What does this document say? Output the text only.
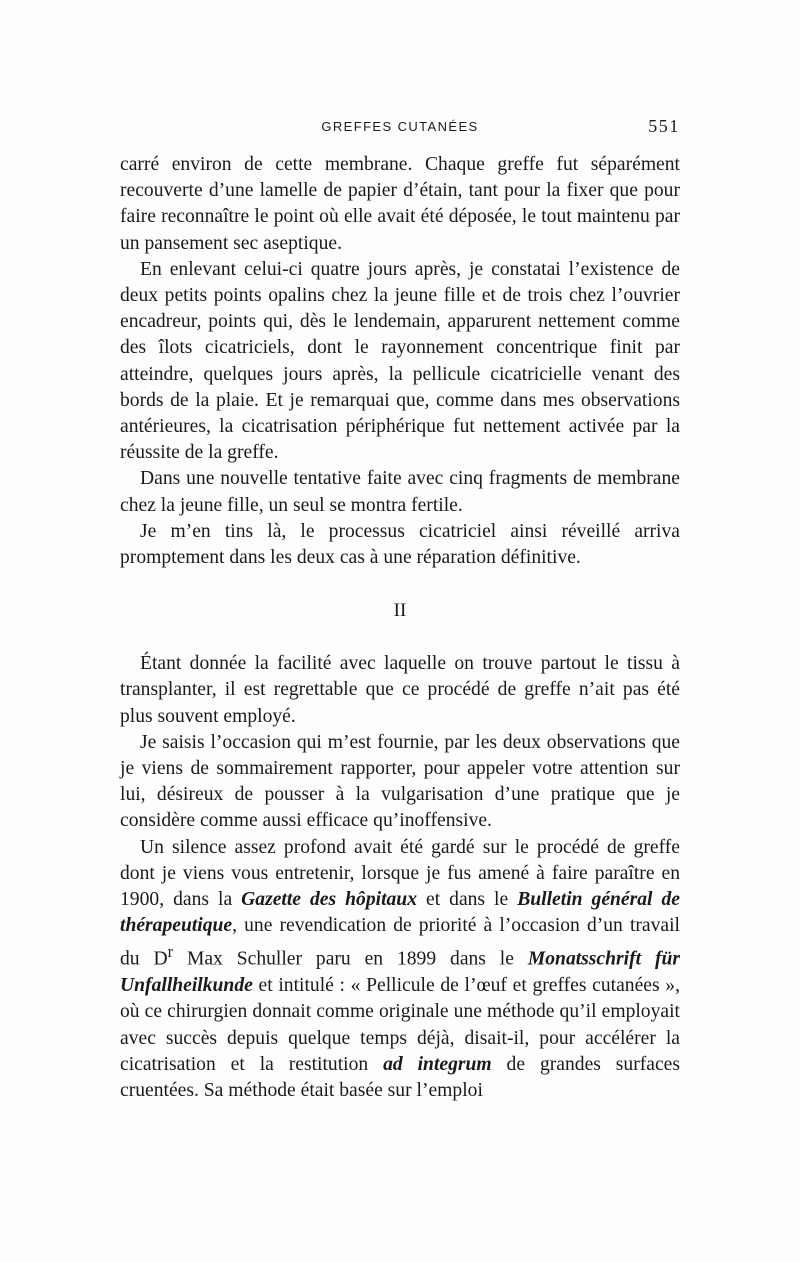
GREFFES CUTANÉES	551

carré environ de cette membrane. Chaque greffe fut séparément recouverte d’une lamelle de papier d’étain, tant pour la fixer que pour faire reconnaître le point où elle avait été déposée, le tout maintenu par un pansement sec aseptique.

En enlevant celui-ci quatre jours après, je constatai l’existence de deux petits points opalins chez la jeune fille et de trois chez l’ouvrier encadreur, points qui, dès le lendemain, apparurent nettement comme des îlots cicatriciels, dont le rayonnement concentrique finit par atteindre, quelques jours après, la pellicule cicatricielle venant des bords de la plaie. Et je remarquai que, comme dans mes observations antérieures, la cicatrisation périphérique fut nettement activée par la réussite de la greffe.

Dans une nouvelle tentative faite avec cinq fragments de membrane chez la jeune fille, un seul se montra fertile.

Je m’en tins là, le processus cicatriciel ainsi réveillé arriva promptement dans les deux cas à une réparation définitive.

II

Étant donnée la facilité avec laquelle on trouve partout le tissu à transplanter, il est regrettable que ce procédé de greffe n’ait pas été plus souvent employé.

Je saisis l’occasion qui m’est fournie, par les deux observations que je viens de sommairement rapporter, pour appeler votre attention sur lui, désireux de pousser à la vulgarisation d’une pratique que je considère comme aussi efficace qu’inoffensive.

Un silence assez profond avait été gardé sur le procédé de greffe dont je viens vous entretenir, lorsque je fus amené à faire paraître en 1900, dans la Gazette des hôpitaux et dans le Bulletin général de thérapeutique, une revendication de priorité à l’occasion d’un travail du $D^r$ Max Schuller paru en 1899 dans le Monatsschrift für Unfallheilkunde et intitulé : « Pellicule de l’œuf et greffes cutanées », où ce chirurgien donnait comme originale une méthode qu’il employait avec succès depuis quelque temps déjà, disait-il, pour accélérer la cicatrisation et la restitution ad integrum de grandes surfaces cruentées. Sa méthode était basée sur l’emploi
